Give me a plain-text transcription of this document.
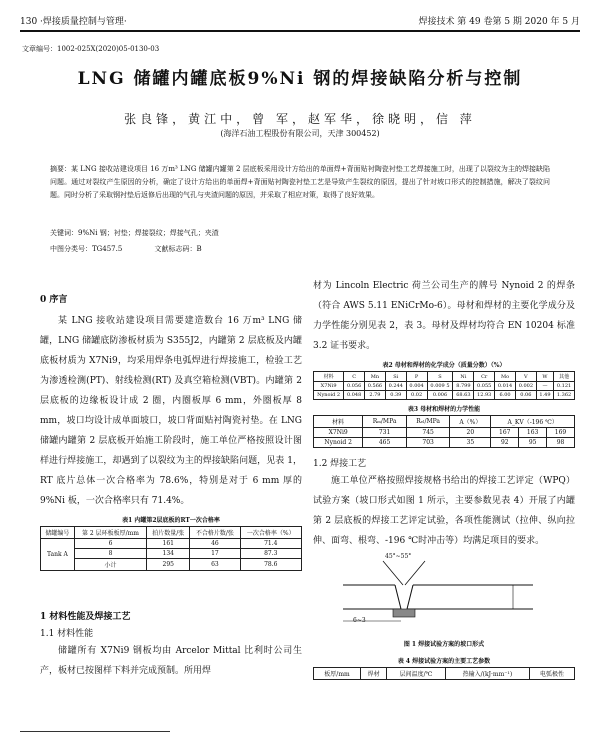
130 ·焊接质量控制与管理·	焊接技术 第 49 卷第 5 期 2020 年 5 月
文章编号：1002-025X(2020)05-0130-03
LNG 储罐内罐底板9%Ni 钢的焊接缺陷分析与控制
张良锋，黄江中，曾 军，赵军华，徐晓明，信 萍
(海洋石油工程股份有限公司，天津 300452)
摘要：某 LNG 接收站建设项目 16 万m³ LNG 储罐内罐第 2 层底板采用设计方给出的单面焊+背面贴衬陶瓷衬垫工艺焊接施工时，出现了以裂纹为主的焊接缺陷问题。通过对裂纹产生原因的分析，确定了设计方给出的单面焊+背面贴衬陶瓷衬垫工艺是导致产生裂纹的原因，提出了针对坡口形式的控制措施，解决了裂纹问题。同时分析了采取钢衬垫后返修后出现的气孔与夹渣问题的原因，并采取了相应对策，取得了良好效果。
关键词：9%Ni 钢；衬垫；焊接裂纹；焊接气孔；夹渣
中图分类号：TG457.5	文献标志码：B
0 序言
某 LNG 接收站建设项目需要建造数台 16 万m³ LNG 储罐，LNG 储罐底防渗板材质为 S355J2，内罐第 2 层底板及内罐底板材质为 X7Ni9，均采用焊条电弧焊进行焊接施工，检验工艺为渗透检测(PT)、射线检测(RT) 及真空箱检测(VBT)。内罐第 2 层底板的边缘板设计成 2 圈，内圈板厚 6 mm，外圈板厚 8 mm，坡口均设计成单面坡口，坡口背面贴衬陶瓷衬垫。在 LNG 储罐内罐第 2 层底板开始施工阶段时，施工单位严格按照设计图样进行焊接施工，却遇到了以裂纹为主的焊接缺陷问题，见表 1，RT 底片总体一次合格率为 78.6%，特别是对于 6 mm 厚的 9%Ni 板，一次合格率只有 71.4%。
表1 内罐第2层底板的RT一次合格率
储罐编号	第 2 层环板板厚/mm	拍片数量/张	不合格片数/张	一次合格率（%）
Tank A	6	161	46	71.4
	8	134	17	87.3
	小计	295	63	78.6
1 材料性能及焊接工艺
1.1 材料性能
储罐所有 X7Ni9 钢板均由 Arcelor Mittal 比利时公司生产，板材已按图样下料并完成预制。所用焊
材为 Lincoln Electric 荷兰公司生产的牌号 Nynoid 2 的焊条（符合 AWS 5.11 ENiCrMo-6）。母材和焊材的主要化学成分及力学性能分别见表 2，表 3。母材及焊材均符合 EN 10204 标准 3.2 证书要求。
表2 母材和焊材的化学成分（质量分数）（%）
材料	C	Mn	Si	P	S	Ni	Cr	Mo	V	W	其他
X7Ni9	0.056	0.566	0.244	0.004	0.009 5	8.799	0.055	0.014	0.002	—	0.121
Nynoid 2	0.048	2.79	0.39	0.02	0.006	68.63	12.93	6.00	0.06	1.49	1.362
表3 母材和焊材的力学性能
材料	Rₘ/MPa	Rₑₗ/MPa	A（%）	A_KV（-196 ℃）		
X7Ni9	731	745	20	167	163	169
Nynoid 2	465	703	35	92	95	98
1.2 焊接工艺
施工单位严格按照焊接规格书给出的焊接工艺评定（WPQ）试验方案（坡口形式如图 1 所示，主要参数见表 4）开展了内罐第 2 层底板的焊接工艺评定试验，各项性能测试（拉伸、纵向拉伸、面弯、根弯、-196 ℃时冲击等）均满足项目的要求。
45°~55°
6~3
图 1 焊接试验方案的坡口形式
表 4 焊接试验方案的主要工艺参数
板厚/mm	焊材	层间温度/℃	热输入/(kJ·mm⁻¹)	电弧极性
